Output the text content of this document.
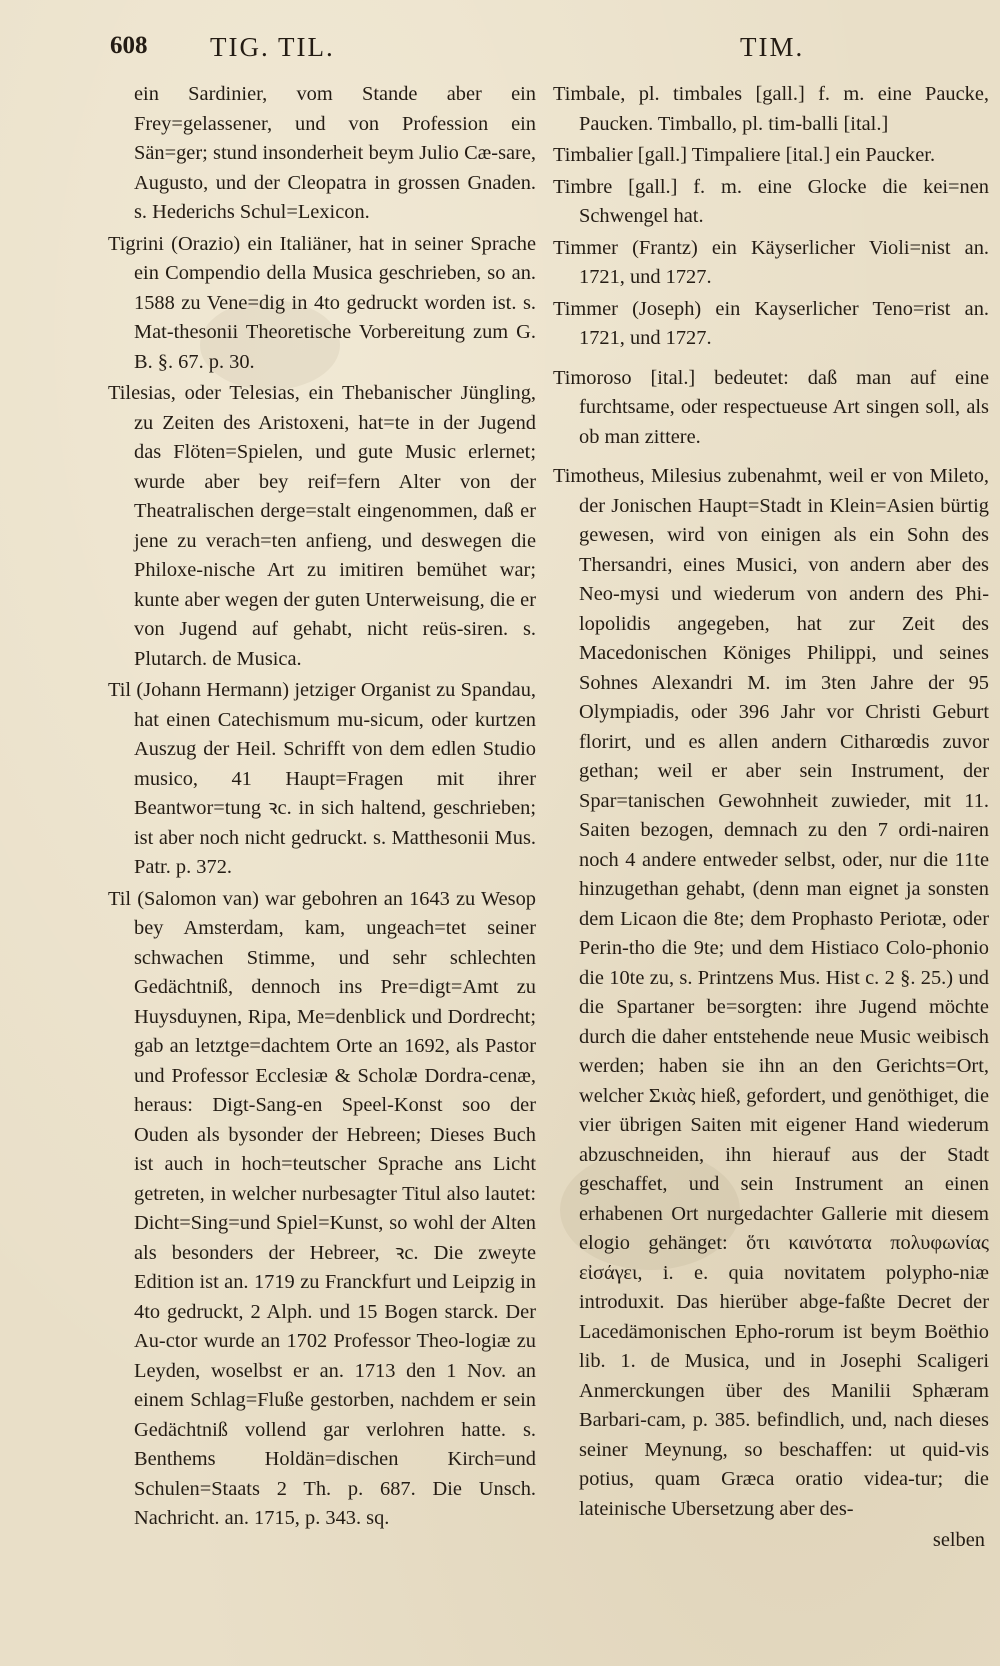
608 TIG. TIL.	TIM.

ein Sardinier, vom Stande aber ein Frey=gelassener, und von Profession ein Sän=ger; stund insonderheit beym Julio Cæ-sare, Augusto, und der Cleopatra in grossen Gnaden. s. Hederichs Schul=Lexicon.

Tigrini (Orazio) ein Italiäner, hat in seiner Sprache ein Compendio della Musica geschrieben, so an. 1588 zu Vene=dig in 4to gedruckt worden ist. s. Mat-thesonii Theoretische Vorbereitung zum G. B. §. 67. p. 30.

Tilesias, oder Telesias, ein Thebanischer Jüngling, zu Zeiten des Aristoxeni, hat=te in der Jugend das Flöten=Spielen, und gute Music erlernet; wurde aber bey reif=fern Alter von der Theatralischen derge=stalt eingenommen, daß er jene zu verach=ten anfieng, und deswegen die Philoxe-nische Art zu imitiren bemühet war; kunte aber wegen der guten Unterweisung, die er von Jugend auf gehabt, nicht reüs-siren. s. Plutarch. de Musica.

Til (Johann Hermann) jetziger Organist zu Spandau, hat einen Catechismum mu-sicum, oder kurtzen Auszug der Heil. Schrifft von dem edlen Studio musico, 41 Haupt=Fragen mit ihrer Beantwor=tung ꝛc. in sich haltend, geschrieben; ist aber noch nicht gedruckt. s. Matthesonii Mus. Patr. p. 372.

Til (Salomon van) war gebohren an 1643 zu Wesop bey Amsterdam, kam, ungeach=tet seiner schwachen Stimme, und sehr schlechten Gedächtniß, dennoch ins Pre=digt=Amt zu Huysduynen, Ripa, Me=denblick und Dordrecht; gab an letztge=dachtem Orte an 1692, als Pastor und Professor Ecclesiæ & Scholæ Dordra-cenæ, heraus: Digt-Sang-en Speel-Konst soo der Ouden als bysonder der Hebreen; Dieses Buch ist auch in hoch=teutscher Sprache ans Licht getreten, in welcher nurbesagter Titul also lautet: Dicht=Sing=und Spiel=Kunst, so wohl der Alten als besonders der Hebreer, ꝛc. Die zweyte Edition ist an. 1719 zu Franckfurt und Leipzig in 4to gedruckt, 2 Alph. und 15 Bogen starck. Der Au-ctor wurde an 1702 Professor Theo-logiæ zu Leyden, woselbst er an. 1713 den 1 Nov. an einem Schlag=Fluße gestorben, nachdem er sein Gedächtniß vollend gar verlohren hatte. s. Benthems Holdän=dischen Kirch=und Schulen=Staats 2 Th. p. 687. Die Unsch. Nachricht. an. 1715, p. 343. sq.

Timbale, pl. timbales [gall.] f. m. eine Paucke, Paucken. Timballo, pl. tim-balli [ital.]

Timbalier [gall.] Timpaliere [ital.] ein Paucker.

Timbre [gall.] f. m. eine Glocke die kei=nen Schwengel hat.

Timmer (Frantz) ein Käyserlicher Violi=nist an. 1721, und 1727.

Timmer (Joseph) ein Kayserlicher Teno=rist an. 1721, und 1727.

Timoroso [ital.] bedeutet: daß man auf eine furchtsame, oder respectueuse Art singen soll, als ob man zittere.

Timotheus, Milesius zubenahmt, weil er von Mileto, der Jonischen Haupt=Stadt in Klein=Asien bürtig gewesen, wird von einigen als ein Sohn des Thersandri, eines Musici, von andern aber des Neo-mysi und wiederum von andern des Phi-lopolidis angegeben, hat zur Zeit des Macedonischen Königes Philippi, und seines Sohnes Alexandri M. im 3ten Jahre der 95 Olympiadis, oder 396 Jahr vor Christi Geburt florirt, und es allen andern Citharœdis zuvor gethan; weil er aber sein Instrument, der Spar=tanischen Gewohnheit zuwieder, mit 11. Saiten bezogen, demnach zu den 7 ordi-nairen noch 4 andere entweder selbst, oder, nur die 11te hinzugethan gehabt, (denn man eignet ja sonsten dem Licaon die 8te; dem Prophasto Periotæ, oder Perin-tho die 9te; und dem Histiaco Colo-phonio die 10te zu, s. Printzens Mus. Hist c. 2 §. 25.) und die Spartaner be=sorgten: ihre Jugend möchte durch die daher entstehende neue Music weibisch werden; haben sie ihn an den Gerichts=Ort, welcher Σκιὰς hieß, gefordert, und genöthiget, die vier übrigen Saiten mit eigener Hand wiederum abzuschneiden, ihn hierauf aus der Stadt geschaffet, und sein Instrument an einen erhabenen Ort nurgedachter Gallerie mit diesem elogio gehänget: ὅτι καινότατα πολυφωνίας εἰσάγει, i. e. quia novitatem polypho-niæ introduxit. Das hierüber abge-faßte Decret der Lacedämonischen Epho-rorum ist beym Boëthio lib. 1. de Musica, und in Josephi Scaligeri Anmerckungen über des Manilii Sphæram Barbari-cam, p. 385. befindlich, und, nach dieses seiner Meynung, so beschaffen: ut quid-vis potius, quam Græca oratio videa-tur; die lateinische Ubersetzung aber des-

selben
